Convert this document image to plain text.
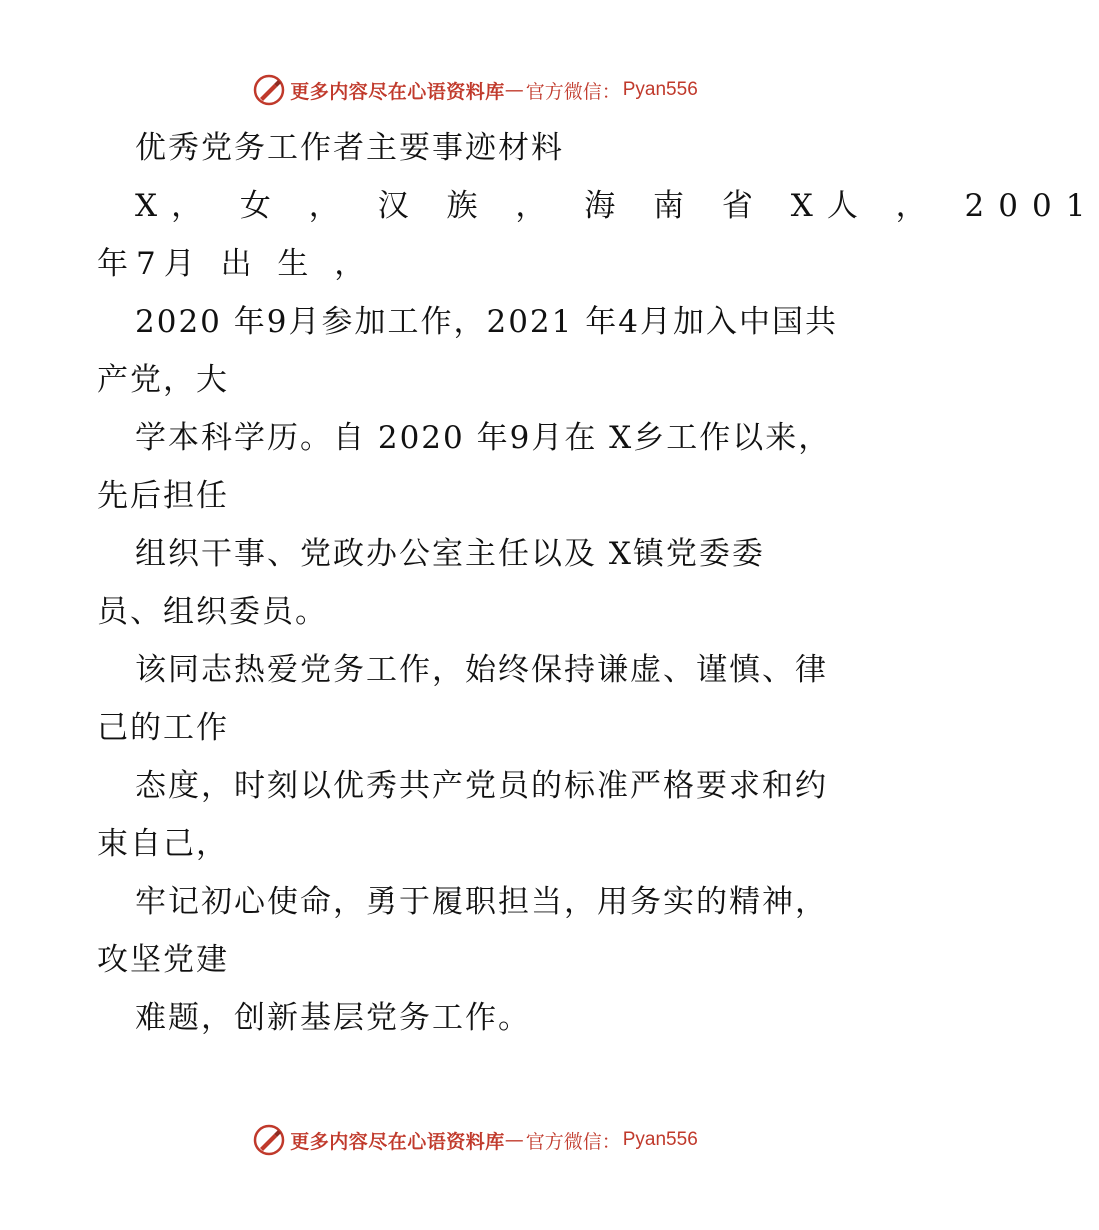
更多内容尽在心语资料库 — 官方微信： Pyan556
优秀党务工作者主要事迹材料
X， 女 ， 汉 族 ， 海 南 省 X人 ， 2001
年7月 出 生 ，
2020 年9月参加工作，2021 年4月加入中国共
产党，大
学本科学历。自 2020 年9月在 X乡工作以来，
先后担任
组织干事、党政办公室主任以及 X镇党委委
员、组织委员。
该同志热爱党务工作，始终保持谦虚、谨慎、律
己的工作
态度，时刻以优秀共产党员的标准严格要求和约
束自己，
牢记初心使命，勇于履职担当，用务实的精神，
攻坚党建
难题，创新基层党务工作。
更多内容尽在心语资料库 — 官方微信： Pyan556
